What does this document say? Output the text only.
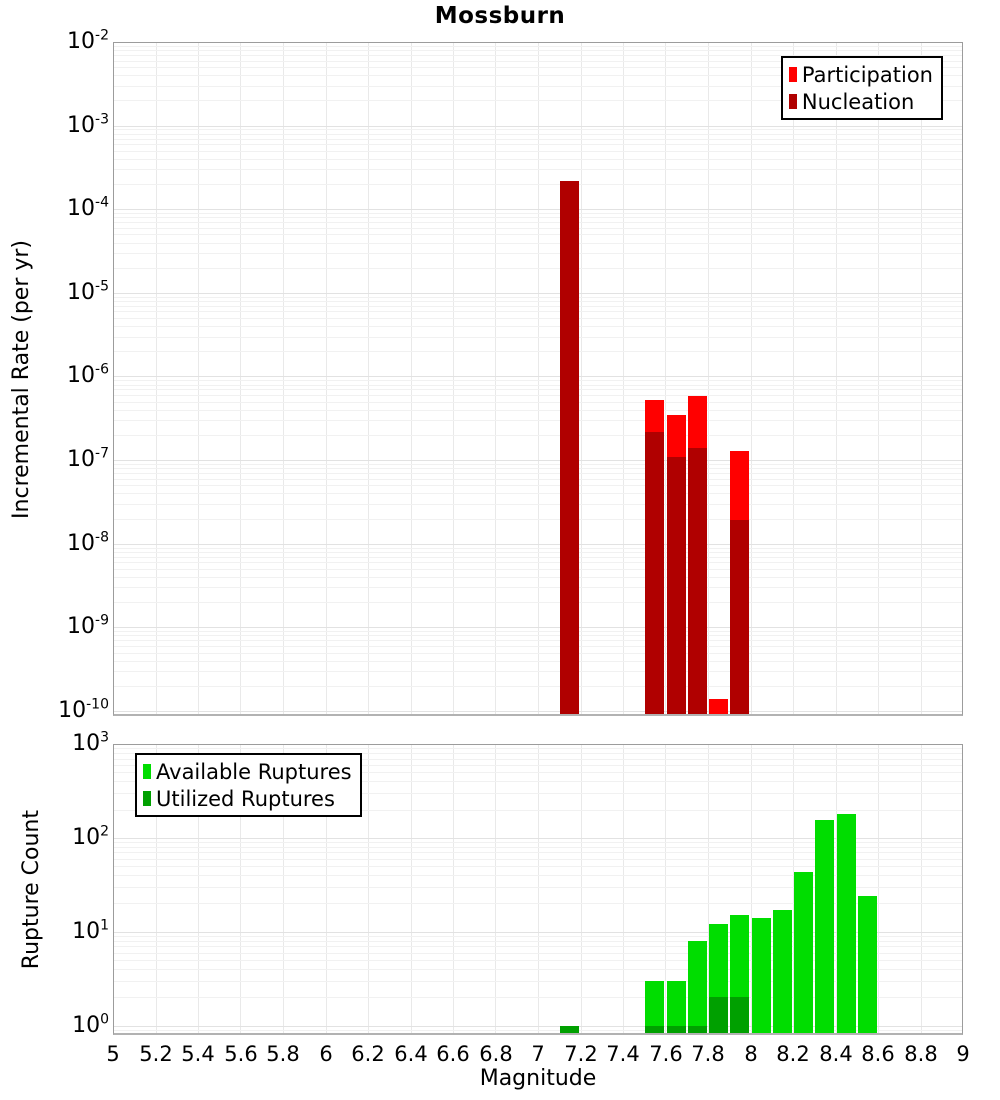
Mossburn
Incremental Rate (per yr)
Rupture Count
Participation
Nucleation
Available Ruptures
Utilized Ruptures
$10^{-2}$
$10^{-3}$
$10^{-4}$
$10^{-5}$
$10^{-6}$
$10^{-7}$
$10^{-8}$
$10^{-9}$
$10^{-10}$
$10^3$
$10^2$
$10^1$
$10^0$
5 5.2 5.4 5.6 5.8 6 6.2 6.4 6.6 6.8 7 7.2 7.4 7.6 7.8 8 8.2 8.4 8.6 8.8 9
Magnitude
